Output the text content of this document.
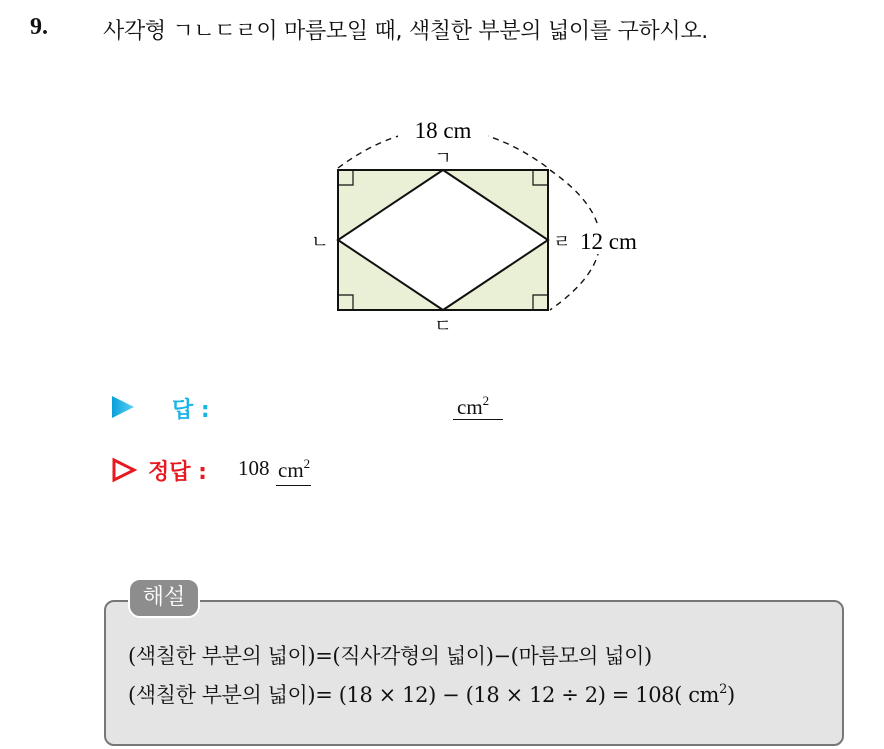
9.	사각형 ㄱㄴㄷㄹ이 마름모일 때, 색칠한 부분의 넓이를 구하시오.
18 cm
12 cm
ㄱ
ㄴ
ㄷ
ㄹ
답 :	$cm^2$
정답 : 108 $cm^2$
해설
(색칠한 부분의 넓이)=(직사각형의 넓이)−(마름모의 넓이)
(색칠한 부분의 넓이)= (18 × 12) − (18 × 12 ÷ 2) = 108( $cm^2$)
